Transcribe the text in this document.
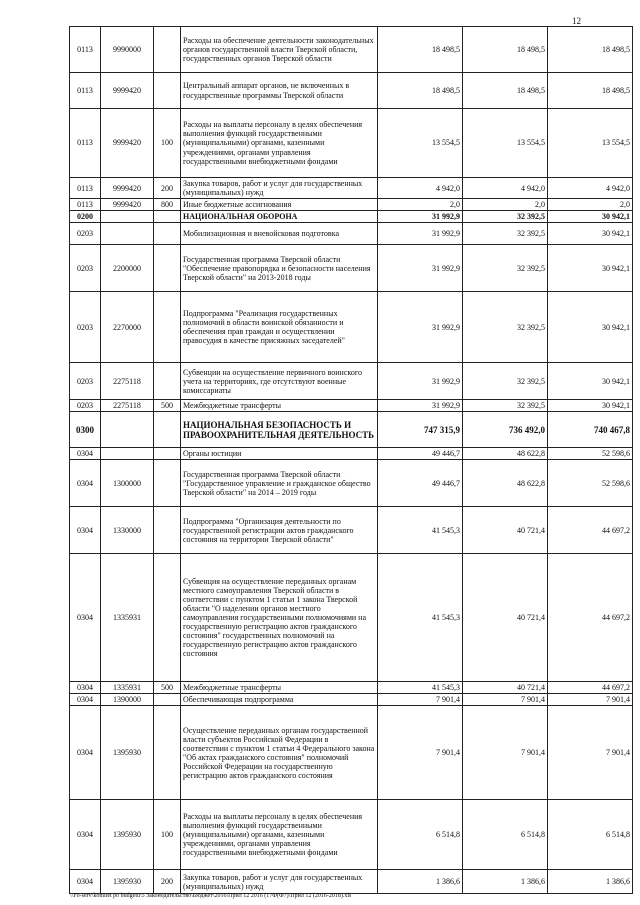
12
0113	9990000		Расходы на обеспечение деятельности законодательных органов государственной власти Тверской области, государственных органов Тверской области	18 498,5	18 498,5	18 498,5
0113	9999420		Центральный аппарат органов, не включенных в государственные программы Тверской области	18 498,5	18 498,5	18 498,5
0113	9999420	100	Расходы на выплаты персоналу в целях обеспечения выполнения функций государственными (муниципальными) органами, казенными учреждениями, органами управления государственными внебюджетными фондами	13 554,5	13 554,5	13 554,5
0113	9999420	200	Закупка товаров, работ и услуг для государственных (муниципальных) нужд	4 942,0	4 942,0	4 942,0
0113	9999420	800	Иные бюджетные ассигнования	2,0	2,0	2,0
0200			НАЦИОНАЛЬНАЯ ОБОРОНА	31 992,9	32 392,5	30 942,1
0203			Мобилизационная и вневойсковая подготовка	31 992,9	32 392,5	30 942,1
0203	2200000		Государственная программа Тверской области "Обеспечение правопорядка и безопасности населения Тверской области" на 2013-2018 годы	31 992,9	32 392,5	30 942,1
0203	2270000		Подпрограмма "Реализация государственных полномочий в области воинской обязанности и обеспечения прав граждан и осуществлении правосудия в качестве присяжных заседателей"	31 992,9	32 392,5	30 942,1
0203	2275118		Субвенции на осуществление первичного воинского учета на территориях, где отсутствуют военные комиссариаты	31 992,9	32 392,5	30 942,1
0203	2275118	500	Межбюджетные трансферты	31 992,9	32 392,5	30 942,1
0300			НАЦИОНАЛЬНАЯ БЕЗОПАСНОСТЬ И ПРАВООХРАНИТЕЛЬНАЯ ДЕЯТЕЛЬНОСТЬ	747 315,9	736 492,0	740 467,8
0304			Органы юстиции	49 446,7	48 622,8	52 598,6
0304	1300000		Государственная программа Тверской области "Государственное управление и гражданское общество Тверской области" на 2014 – 2019 годы	49 446,7	48 622,8	52 598,6
0304	1330000		Подпрограмма "Организация деятельности по государственной регистрации актов гражданского состояния на территории Тверской области"	41 545,3	40 721,4	44 697,2
0304	1335931		Субвенция на осуществление переданных органам местного самоуправления Тверской области в соответствии с пунктом 1 статьи 1 закона Тверской области "О наделении органов местного самоуправления государственными полномочиями на государственную регистрацию актов гражданского состояния" государственных полномочий на государственную регистрацию актов гражданского состояния	41 545,3	40 721,4	44 697,2
0304	1335931	500	Межбюджетные трансферты	41 545,3	40 721,4	44 697,2
0304	1390000		Обеспечивающая подпрограмма	7 901,4	7 901,4	7 901,4
0304	1395930		Осуществление переданных органам государственной власти субъектов Российской Федерации в соответствии с пунктом 1 статьи 4 Федерального закона "Об актах гражданского состояния" полномочий Российской Федерации на государственную регистрацию актов гражданского состояния	7 901,4	7 901,4	7 901,4
0304	1395930	100	Расходы на выплаты персоналу в целях обеспечения выполнения функций государственными (муниципальными) органами, казенными учреждениями, органами управления государственными внебюджетными фондами	6 514,8	6 514,8	6 514,8
0304	1395930	200	Закупка товаров, работ и услуг для государственных (муниципальных) нужд	1 386,6	1 386,6	1 386,6
\\Fo-serv\komitet po budgetu\5 Законодательство\Бюджет\2016\Прил 12 2016 (17Ф(Ф7)\Прил 12 (2016-2018).xls
